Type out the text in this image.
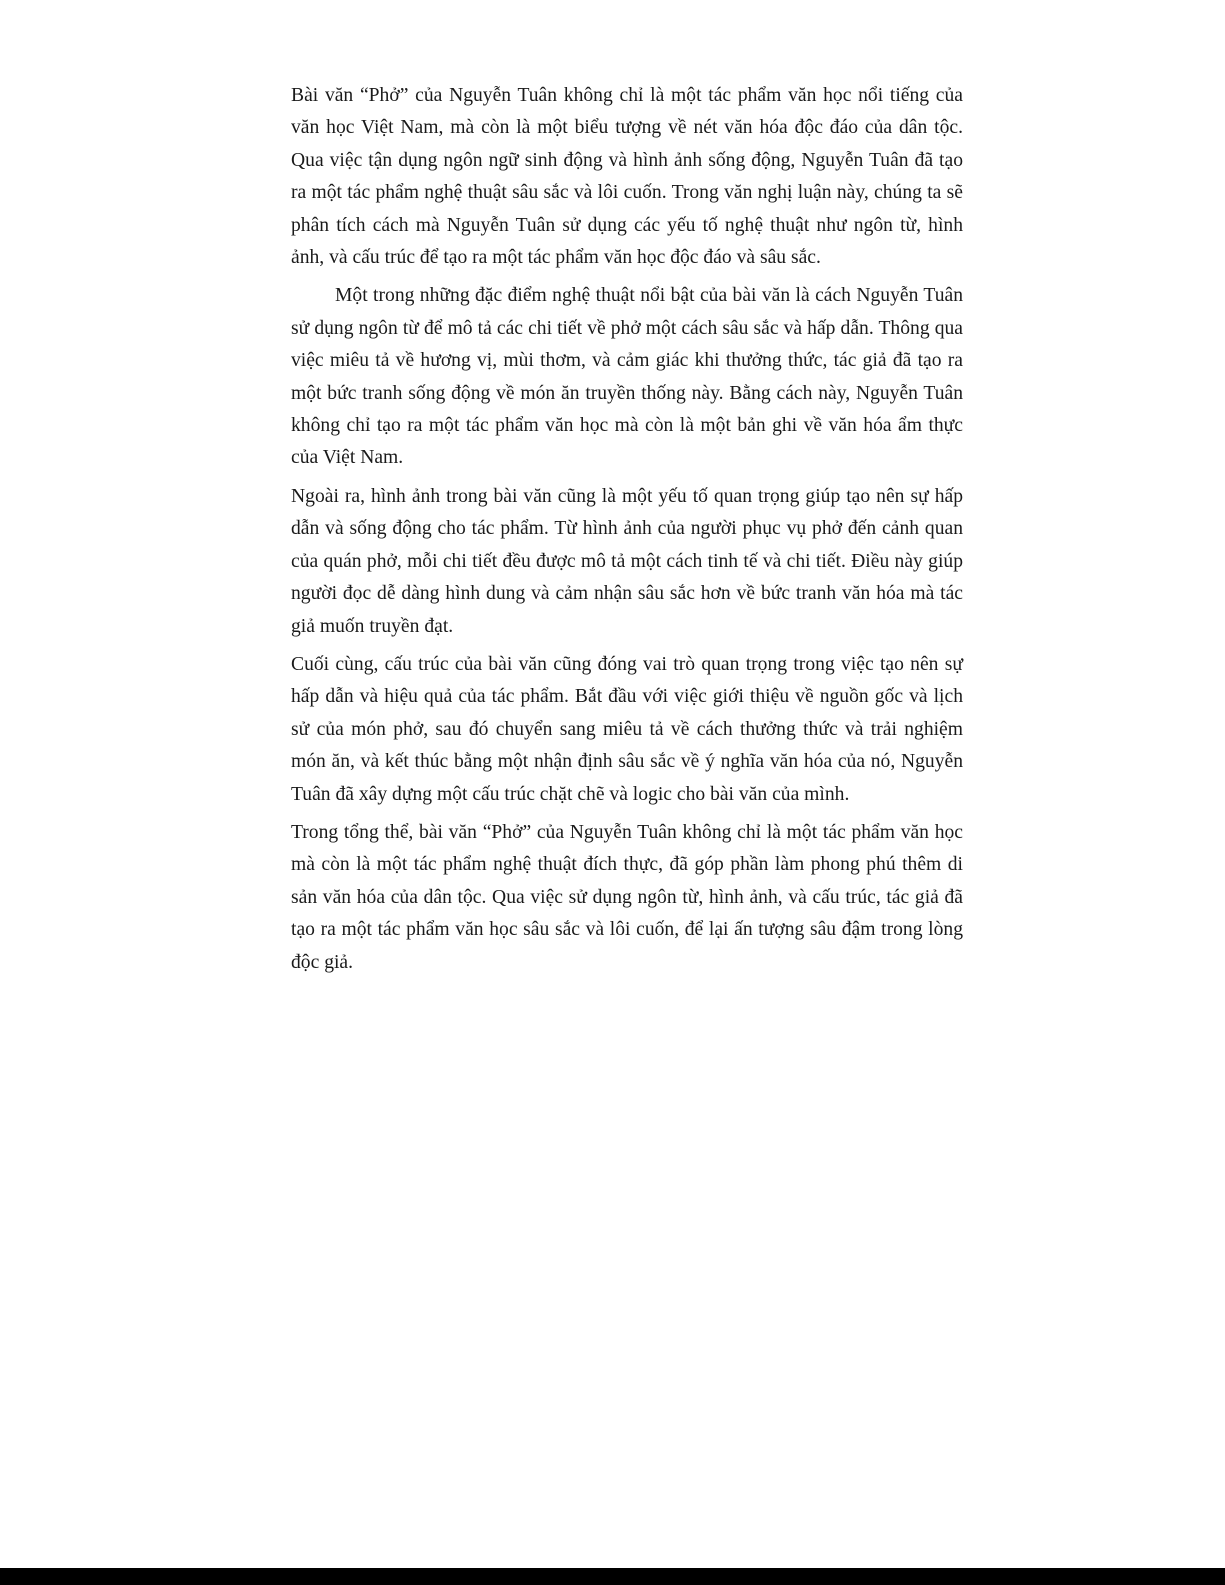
Bài văn “Phở” của Nguyễn Tuân không chỉ là một tác phẩm văn học nổi tiếng của văn học Việt Nam, mà còn là một biểu tượng về nét văn hóa độc đáo của dân tộc. Qua việc tận dụng ngôn ngữ sinh động và hình ảnh sống động, Nguyễn Tuân đã tạo ra một tác phẩm nghệ thuật sâu sắc và lôi cuốn. Trong văn nghị luận này, chúng ta sẽ phân tích cách mà Nguyễn Tuân sử dụng các yếu tố nghệ thuật như ngôn từ, hình ảnh, và cấu trúc để tạo ra một tác phẩm văn học độc đáo và sâu sắc.

Một trong những đặc điểm nghệ thuật nổi bật của bài văn là cách Nguyễn Tuân sử dụng ngôn từ để mô tả các chi tiết về phở một cách sâu sắc và hấp dẫn. Thông qua việc miêu tả về hương vị, mùi thơm, và cảm giác khi thưởng thức, tác giả đã tạo ra một bức tranh sống động về món ăn truyền thống này. Bằng cách này, Nguyễn Tuân không chỉ tạo ra một tác phẩm văn học mà còn là một bản ghi về văn hóa ẩm thực của Việt Nam.

Ngoài ra, hình ảnh trong bài văn cũng là một yếu tố quan trọng giúp tạo nên sự hấp dẫn và sống động cho tác phẩm. Từ hình ảnh của người phục vụ phở đến cảnh quan của quán phở, mỗi chi tiết đều được mô tả một cách tinh tế và chi tiết. Điều này giúp người đọc dễ dàng hình dung và cảm nhận sâu sắc hơn về bức tranh văn hóa mà tác giả muốn truyền đạt.

Cuối cùng, cấu trúc của bài văn cũng đóng vai trò quan trọng trong việc tạo nên sự hấp dẫn và hiệu quả của tác phẩm. Bắt đầu với việc giới thiệu về nguồn gốc và lịch sử của món phở, sau đó chuyển sang miêu tả về cách thưởng thức và trải nghiệm món ăn, và kết thúc bằng một nhận định sâu sắc về ý nghĩa văn hóa của nó, Nguyễn Tuân đã xây dựng một cấu trúc chặt chẽ và logic cho bài văn của mình.

Trong tổng thể, bài văn “Phở” của Nguyễn Tuân không chỉ là một tác phẩm văn học mà còn là một tác phẩm nghệ thuật đích thực, đã góp phần làm phong phú thêm di sản văn hóa của dân tộc. Qua việc sử dụng ngôn từ, hình ảnh, và cấu trúc, tác giả đã tạo ra một tác phẩm văn học sâu sắc và lôi cuốn, để lại ấn tượng sâu đậm trong lòng độc giả.
